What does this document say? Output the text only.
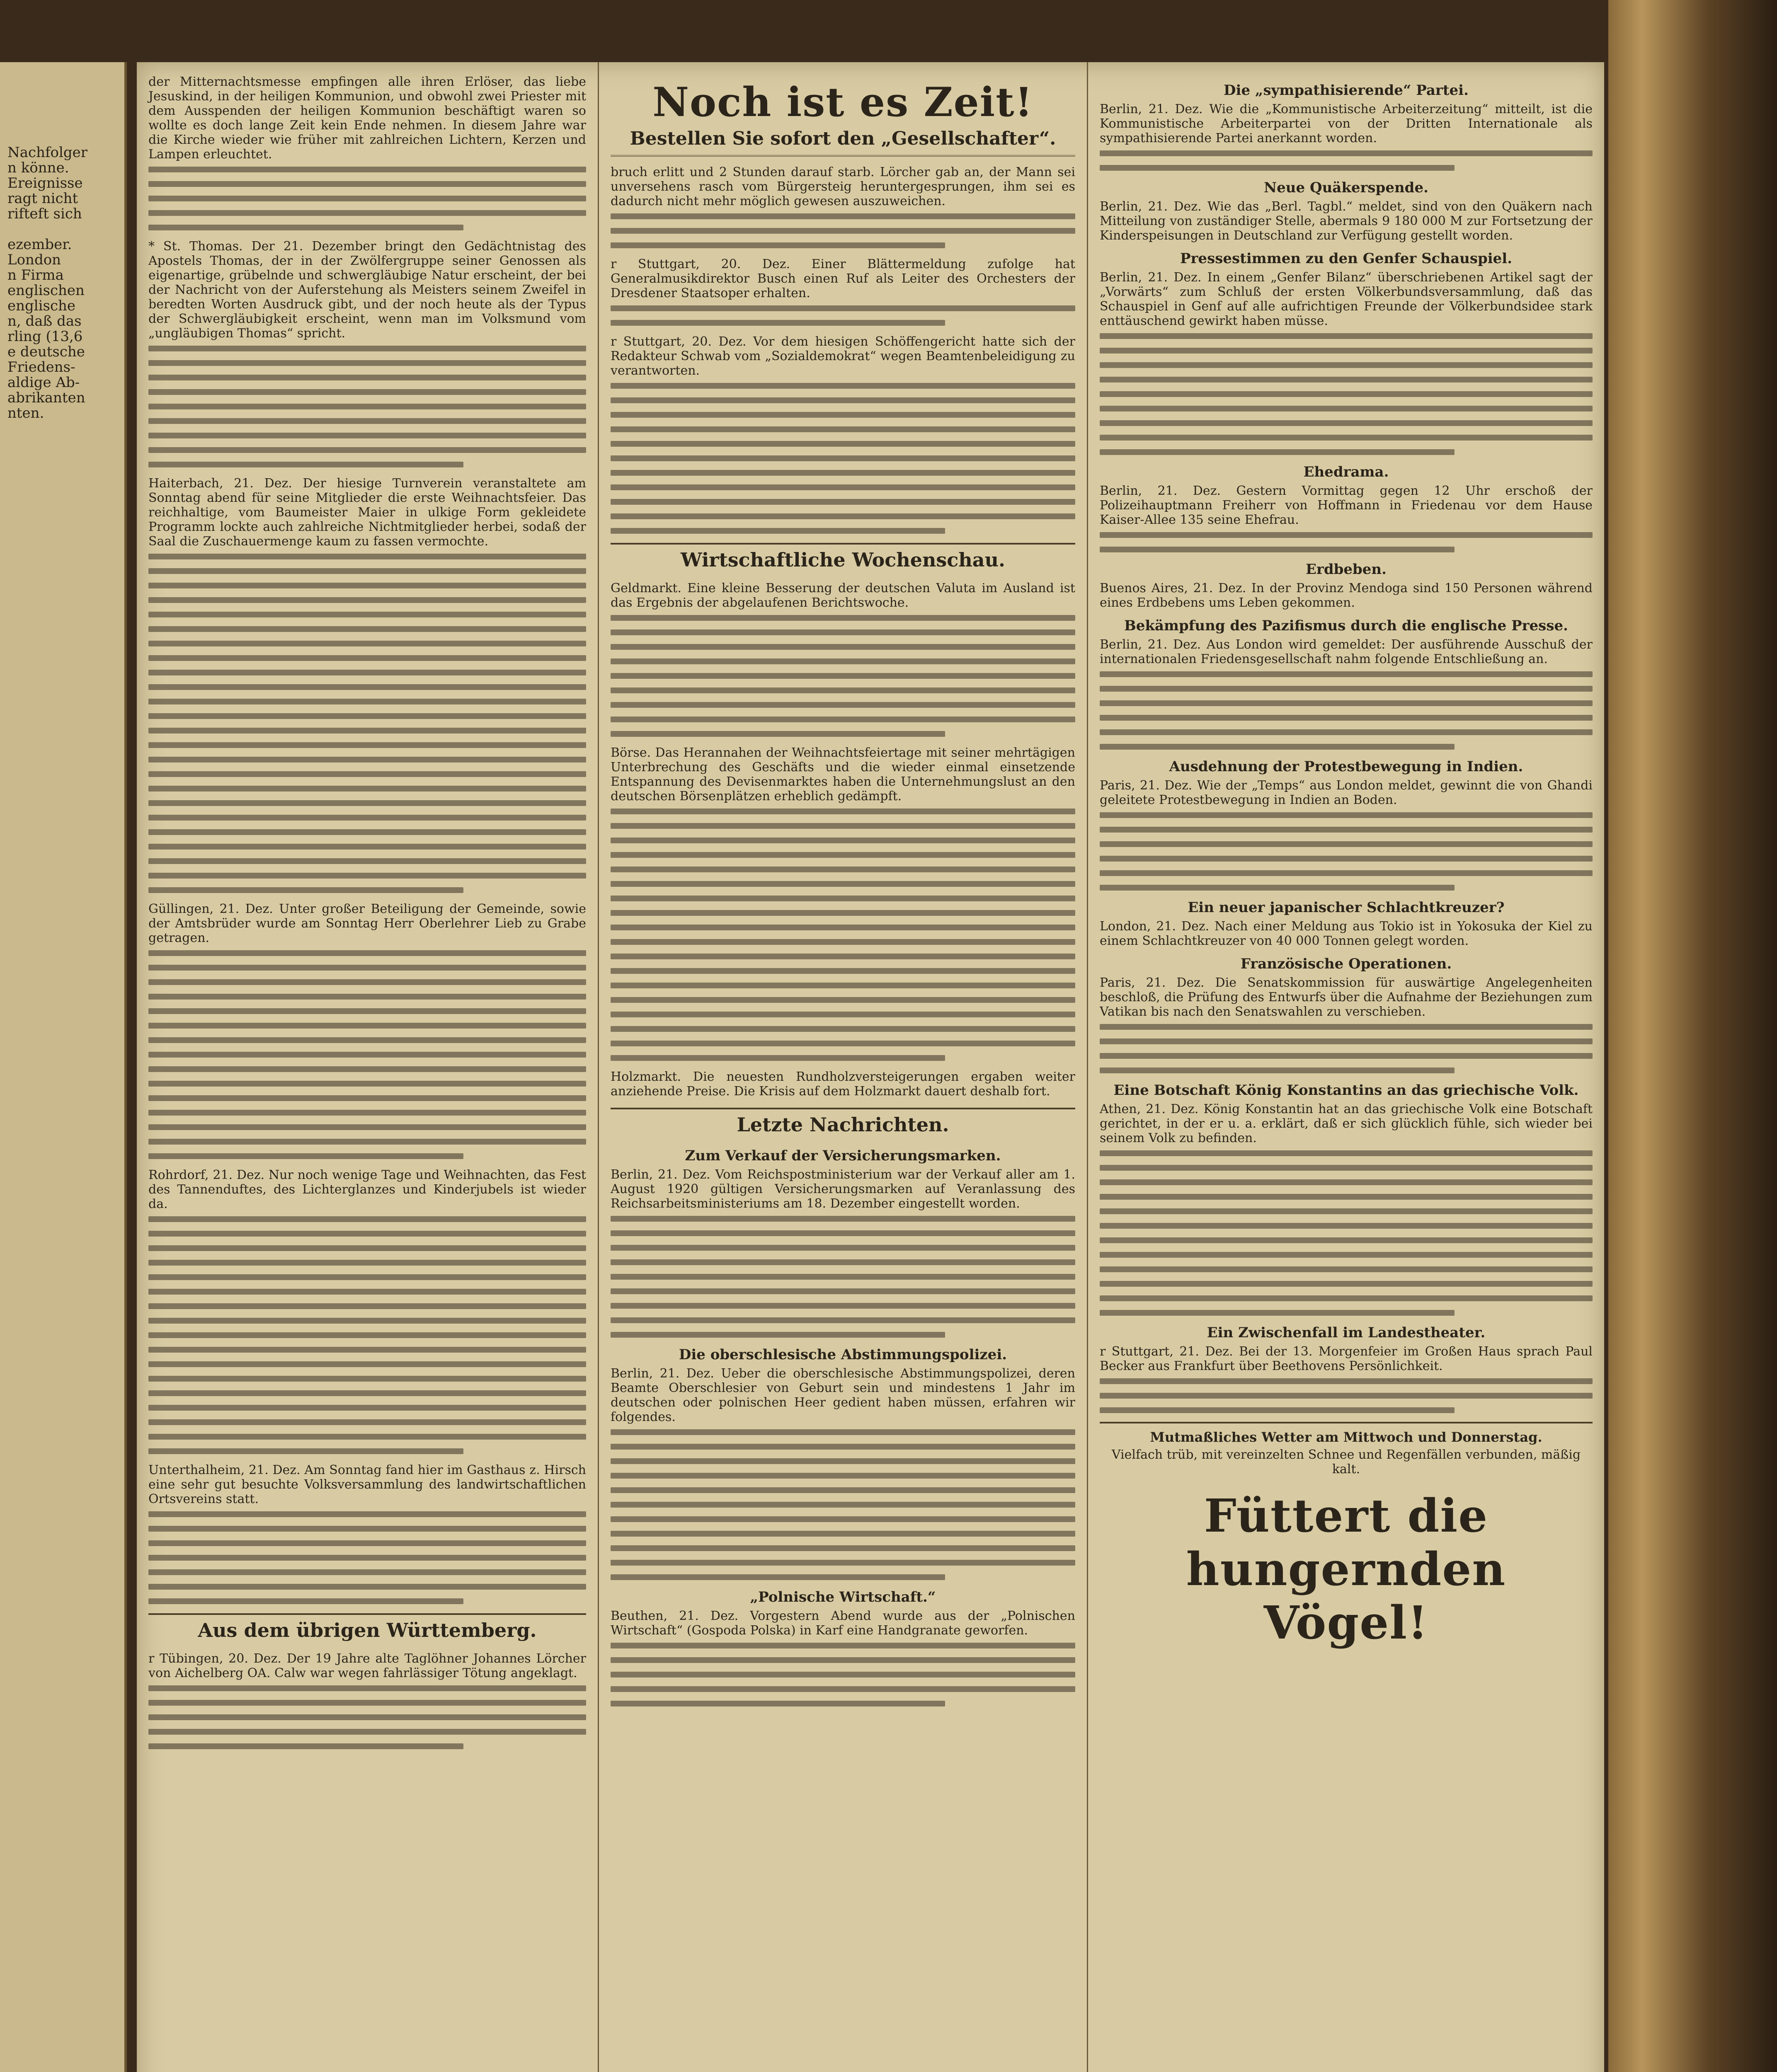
Nachfolger
n könne.
Ereignisse
ragt nicht
rifteft sich

ezember.
London
n Firma
englischen
englische
n, daß das
rling (13,6
e deutsche
Friedens-
aldige Ab-
abrikanten
nten.

der Mitternachtsmesse empfingen alle ihren Erlöser, das liebe Jesuskind, in der heiligen Kommunion, und obwohl zwei Priester mit dem Ausspenden der heiligen Kommunion beschäftigt waren so wollte es doch lange Zeit kein Ende nehmen. In diesem Jahre war die Kirche wieder wie früher mit zahlreichen Lichtern, Kerzen und Lampen erleuchtet.

* St. Thomas. Der 21. Dezember bringt den Gedächtnistag des Apostels Thomas, der in der Zwölfergruppe seiner Genossen als eigenartige, grübelnde und schwergläubige Natur erscheint, der bei der Nachricht von der Auferstehung als Meisters seinem Zweifel in beredten Worten Ausdruck gibt, und der noch heute als der Typus der Schwergläubigkeit erscheint, wenn man im Volksmund vom „ungläubigen Thomas“ spricht.

Haiterbach, 21. Dez. Der hiesige Turnverein veranstaltete am Sonntag abend für seine Mitglieder die erste Weihnachtsfeier. Das reichhaltige, vom Baumeister Maier in ulkige Form gekleidete Programm lockte auch zahlreiche Nichtmitglieder herbei, sodaß der Saal die Zuschauermenge kaum zu fassen vermochte.

Güllingen, 21. Dez. Unter großer Beteiligung der Gemeinde, sowie der Amtsbrüder wurde am Sonntag Herr Oberlehrer Lieb zu Grabe getragen.

Rohrdorf, 21. Dez. Nur noch wenige Tage und Weihnachten, das Fest des Tannenduftes, des Lichterglanzes und Kinderjubels ist wieder da.

Unterthalheim, 21. Dez. Am Sonntag fand hier im Gasthaus z. Hirsch eine sehr gut besuchte Volksversammlung des landwirtschaftlichen Ortsvereins statt.

Aus dem übrigen Württemberg.

r Tübingen, 20. Dez. Der 19 Jahre alte Taglöhner Johannes Lörcher von Aichelberg OA. Calw war wegen fahrlässiger Tötung angeklagt.

Noch ist es Zeit!
Bestellen Sie sofort den „Gesellschafter“.

bruch erlitt und 2 Stunden darauf starb. Lörcher gab an, der Mann sei unversehens rasch vom Bürgersteig heruntergesprungen, ihm sei es dadurch nicht mehr möglich gewesen auszuweichen.

r Stuttgart, 20. Dez. Einer Blättermeldung zufolge hat Generalmusikdirektor Busch einen Ruf als Leiter des Orchesters der Dresdener Staatsoper erhalten.

r Stuttgart, 20. Dez. Vor dem hiesigen Schöffengericht hatte sich der Redakteur Schwab vom „Sozialdemokrat“ wegen Beamtenbeleidigung zu verantworten.

Wirtschaftliche Wochenschau.

Geldmarkt. Eine kleine Besserung der deutschen Valuta im Ausland ist das Ergebnis der abgelaufenen Berichtswoche.

Börse. Das Herannahen der Weihnachtsfeiertage mit seiner mehrtägigen Unterbrechung des Geschäfts und die wieder einmal einsetzende Entspannung des Devisenmarktes haben die Unternehmungslust an den deutschen Börsenplätzen erheblich gedämpft.

Holzmarkt. Die neuesten Rundholzversteigerungen ergaben weiter anziehende Preise. Die Krisis auf dem Holzmarkt dauert deshalb fort.

Letzte Nachrichten.
Zum Verkauf der Versicherungsmarken.

Berlin, 21. Dez. Vom Reichspostministerium war der Verkauf aller am 1. August 1920 gültigen Versicherungsmarken auf Veranlassung des Reichsarbeitsministeriums am 18. Dezember eingestellt worden.

Die oberschlesische Abstimmungspolizei.

Berlin, 21. Dez. Ueber die oberschlesische Abstimmungspolizei, deren Beamte Oberschlesier von Geburt sein und mindestens 1 Jahr im deutschen oder polnischen Heer gedient haben müssen, erfahren wir folgendes.

„Polnische Wirtschaft.“

Beuthen, 21. Dez. Vorgestern Abend wurde aus der „Polnischen Wirtschaft“ (Gospoda Polska) in Karf eine Handgranate geworfen.

Die „sympathisierende“ Partei.

Berlin, 21. Dez. Wie die „Kommunistische Arbeiterzeitung“ mitteilt, ist die Kommunistische Arbeiterpartei von der Dritten Internationale als sympathisierende Partei anerkannt worden.

Neue Quäkerspende.

Berlin, 21. Dez. Wie das „Berl. Tagbl.“ meldet, sind von den Quäkern nach Mitteilung von zuständiger Stelle, abermals 9 180 000 M zur Fortsetzung der Kinderspeisungen in Deutschland zur Verfügung gestellt worden.

Pressestimmen zu den Genfer Schauspiel.

Berlin, 21. Dez. In einem „Genfer Bilanz“ überschriebenen Artikel sagt der „Vorwärts“ zum Schluß der ersten Völkerbundsversammlung, daß das Schauspiel in Genf auf alle aufrichtigen Freunde der Völkerbundsidee stark enttäuschend gewirkt haben müsse.

Ehedrama.

Berlin, 21. Dez. Gestern Vormittag gegen 12 Uhr erschoß der Polizeihauptmann Freiherr von Hoffmann in Friedenau vor dem Hause Kaiser-Allee 135 seine Ehefrau.

Erdbeben.

Buenos Aires, 21. Dez. In der Provinz Mendoga sind 150 Personen während eines Erdbebens ums Leben gekommen.

Bekämpfung des Pazifismus durch die englische Presse.

Berlin, 21. Dez. Aus London wird gemeldet: Der ausführende Ausschuß der internationalen Friedensgesellschaft nahm folgende Entschließung an.

Ausdehnung der Protestbewegung in Indien.

Paris, 21. Dez. Wie der „Temps“ aus London meldet, gewinnt die von Ghandi geleitete Protestbewegung in Indien an Boden.

Ein neuer japanischer Schlachtkreuzer?

London, 21. Dez. Nach einer Meldung aus Tokio ist in Yokosuka der Kiel zu einem Schlachtkreuzer von 40 000 Tonnen gelegt worden.

Französische Operationen.

Paris, 21. Dez. Die Senatskommission für auswärtige Angelegenheiten beschloß, die Prüfung des Entwurfs über die Aufnahme der Beziehungen zum Vatikan bis nach den Senatswahlen zu verschieben.

Eine Botschaft König Konstantins an das griechische Volk.

Athen, 21. Dez. König Konstantin hat an das griechische Volk eine Botschaft gerichtet, in der er u. a. erklärt, daß er sich glücklich fühle, sich wieder bei seinem Volk zu befinden.

Ein Zwischenfall im Landestheater.

r Stuttgart, 21. Dez. Bei der 13. Morgenfeier im Großen Haus sprach Paul Becker aus Frankfurt über Beethovens Persönlichkeit.

Mutmaßliches Wetter am Mittwoch und Donnerstag.
Vielfach trüb, mit vereinzelten Schnee und Regenfällen verbunden, mäßig kalt.
Füttert die hungernden Vögel!
